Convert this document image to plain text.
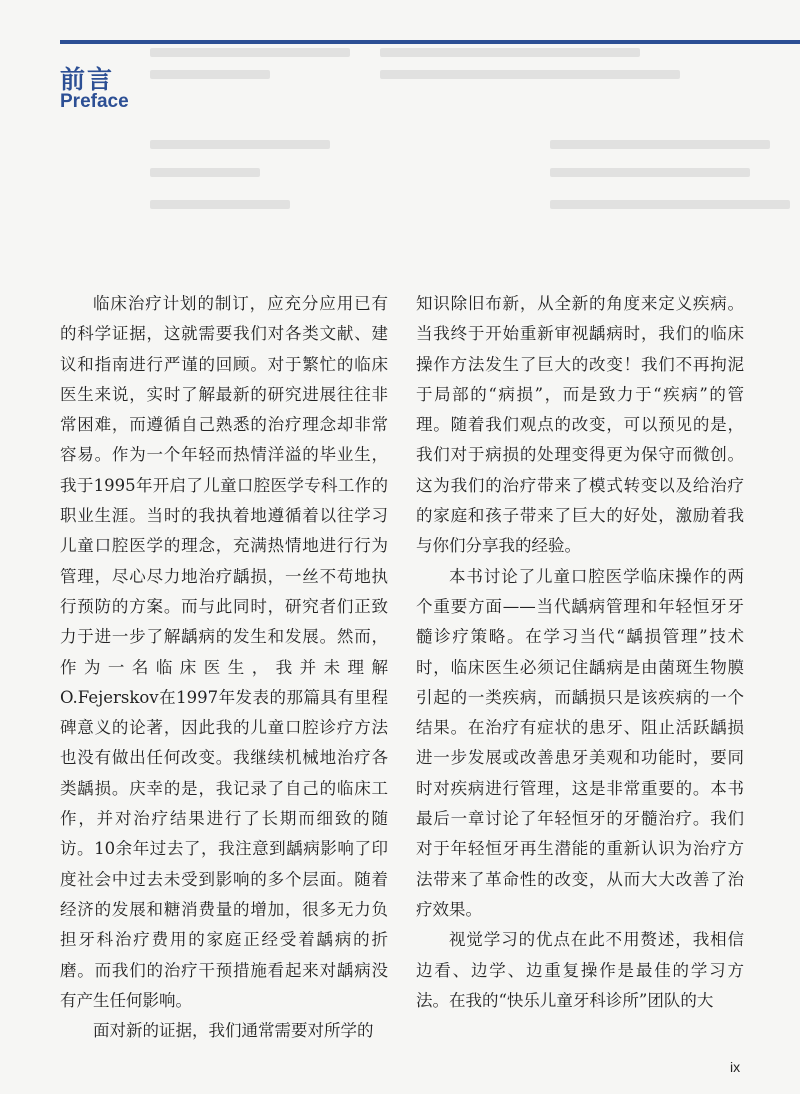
前言
Preface

临床治疗计划的制订，应充分应用已有的科学证据，这就需要我们对各类文献、建议和指南进行严谨的回顾。对于繁忙的临床医生来说，实时了解最新的研究进展往往非常困难，而遵循自己熟悉的治疗理念却非常容易。作为一个年轻而热情洋溢的毕业生，我于1995年开启了儿童口腔医学专科工作的职业生涯。当时的我执着地遵循着以往学习儿童口腔医学的理念，充满热情地进行行为管理，尽心尽力地治疗龋损，一丝不苟地执行预防的方案。而与此同时，研究者们正致力于进一步了解龋病的发生和发展。然而，作为一名临床医生，我并未理解O.Fejerskov在1997年发表的那篇具有里程碑意义的论著，因此我的儿童口腔诊疗方法也没有做出任何改变。我继续机械地治疗各类龋损。庆幸的是，我记录了自己的临床工作，并对治疗结果进行了长期而细致的随访。10余年过去了，我注意到龋病影响了印度社会中过去未受到影响的多个层面。随着经济的发展和糖消费量的增加，很多无力负担牙科治疗费用的家庭正经受着龋病的折磨。而我们的治疗干预措施看起来对龋病没有产生任何影响。

面对新的证据，我们通常需要对所学的

知识除旧布新，从全新的角度来定义疾病。当我终于开始重新审视龋病时，我们的临床操作方法发生了巨大的改变！我们不再拘泥于局部的“病损”，而是致力于“疾病”的管理。随着我们观点的改变，可以预见的是，我们对于病损的处理变得更为保守而微创。这为我们的治疗带来了模式转变以及给治疗的家庭和孩子带来了巨大的好处，激励着我与你们分享我的经验。

本书讨论了儿童口腔医学临床操作的两个重要方面——当代龋病管理和年轻恒牙牙髓诊疗策略。在学习当代“龋损管理”技术时，临床医生必须记住龋病是由菌斑生物膜引起的一类疾病，而龋损只是该疾病的一个结果。在治疗有症状的患牙、阻止活跃龋损进一步发展或改善患牙美观和功能时，要同时对疾病进行管理，这是非常重要的。本书最后一章讨论了年轻恒牙的牙髓治疗。我们对于年轻恒牙再生潜能的重新认识为治疗方法带来了革命性的改变，从而大大改善了治疗效果。

视觉学习的优点在此不用赘述，我相信边看、边学、边重复操作是最佳的学习方法。在我的“快乐儿童牙科诊所”团队的大

ix
